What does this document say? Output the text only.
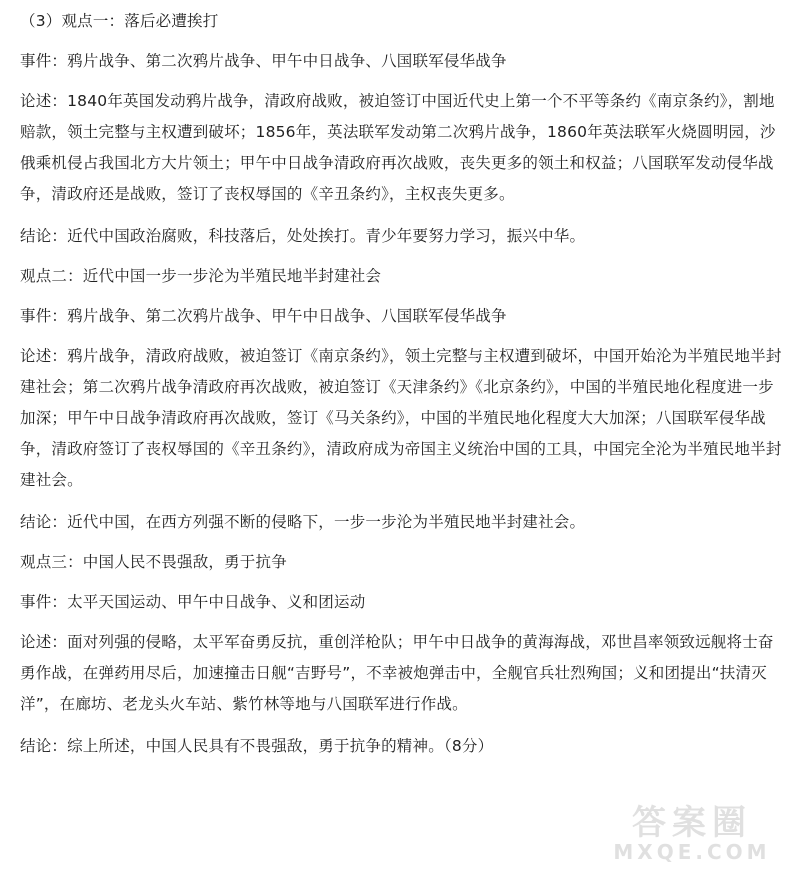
（3）观点一：落后必遭挨打

事件：鸦片战争、第二次鸦片战争、甲午中日战争、八国联军侵华战争

论述：1840年英国发动鸦片战争，清政府战败，被迫签订中国近代史上第一个不平等条约《南京条约》，割地赔款，领土完整与主权遭到破坏；1856年，英法联军发动第二次鸦片战争，1860年英法联军火烧圆明园，沙俄乘机侵占我国北方大片领土；甲午中日战争清政府再次战败，丧失更多的领土和权益；八国联军发动侵华战争，清政府还是战败，签订了丧权辱国的《辛丑条约》，主权丧失更多。

结论：近代中国政治腐败，科技落后，处处挨打。青少年要努力学习，振兴中华。

观点二：近代中国一步一步沦为半殖民地半封建社会

事件：鸦片战争、第二次鸦片战争、甲午中日战争、八国联军侵华战争

论述：鸦片战争，清政府战败，被迫签订《南京条约》，领土完整与主权遭到破坏，中国开始沦为半殖民地半封建社会；第二次鸦片战争清政府再次战败，被迫签订《天津条约》《北京条约》，中国的半殖民地化程度进一步加深；甲午中日战争清政府再次战败，签订《马关条约》，中国的半殖民地化程度大大加深；八国联军侵华战争，清政府签订了丧权辱国的《辛丑条约》，清政府成为帝国主义统治中国的工具，中国完全沦为半殖民地半封建社会。

结论：近代中国，在西方列强不断的侵略下，一步一步沦为半殖民地半封建社会。

观点三：中国人民不畏强敌，勇于抗争

事件：太平天国运动、甲午中日战争、义和团运动

论述：面对列强的侵略，太平军奋勇反抗，重创洋枪队；甲午中日战争的黄海海战，邓世昌率领致远舰将士奋勇作战，在弹药用尽后，加速撞击日舰“吉野号”，不幸被炮弹击中，全舰官兵壮烈殉国；义和团提出“扶清灭洋”，在廊坊、老龙头火车站、紫竹林等地与八国联军进行作战。

结论：综上所述，中国人民具有不畏强敌，勇于抗争的精神。（8分）

答案圈
MXQE.COM
